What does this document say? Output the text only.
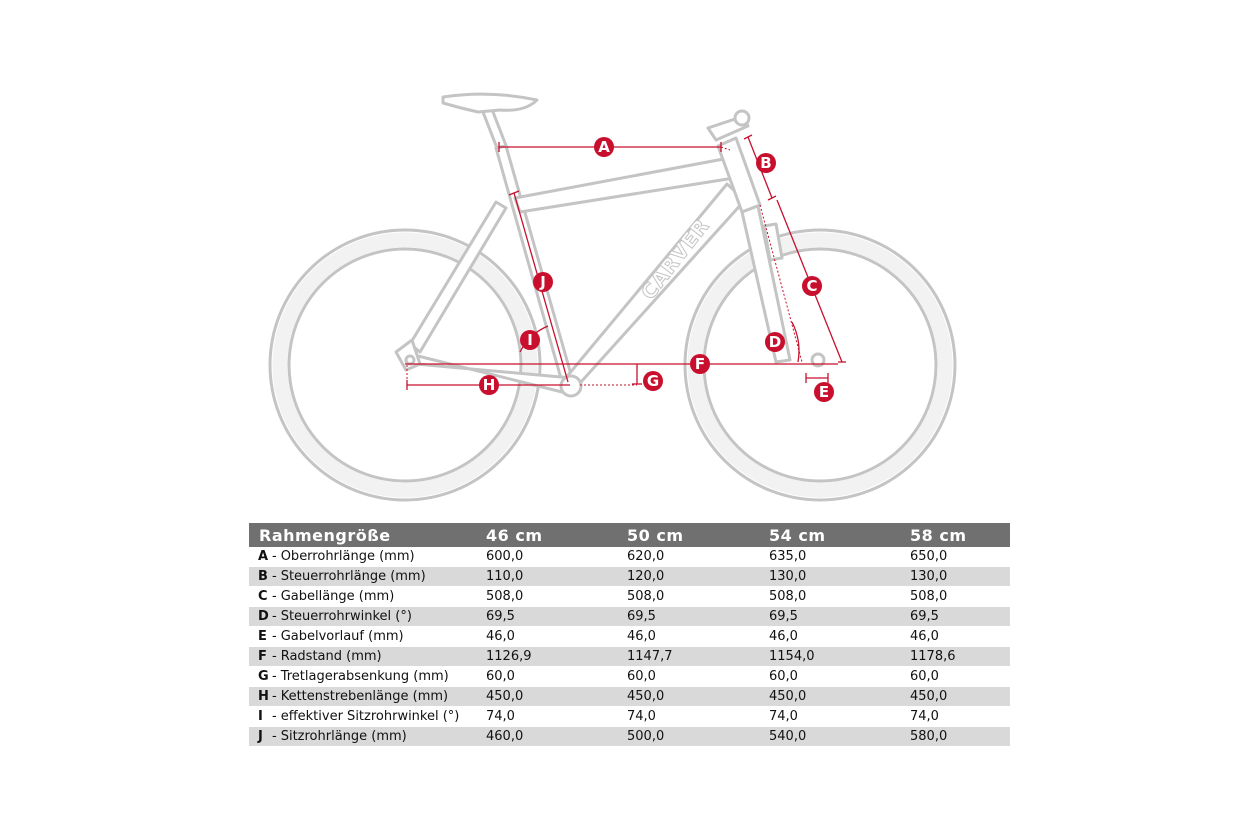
CARVER
A
B
C
D
E
F
G
H
I
J
Rahmengröße	46 cm	50 cm	54 cm	58 cm
A - Oberrohrlänge (mm)	600,0	620,0	635,0	650,0
B - Steuerrohrlänge (mm)	110,0	120,0	130,0	130,0
C - Gabellänge (mm)	508,0	508,0	508,0	508,0
D - Steuerrohrwinkel (°)	69,5	69,5	69,5	69,5
E - Gabelvorlauf (mm)	46,0	46,0	46,0	46,0
F - Radstand (mm)	1126,9	1147,7	1154,0	1178,6
G - Tretlagerabsenkung (mm)	60,0	60,0	60,0	60,0
H - Kettenstrebenlänge (mm)	450,0	450,0	450,0	450,0
I - effektiver Sitzrohrwinkel (°)	74,0	74,0	74,0	74,0
J - Sitzrohrlänge (mm)	460,0	500,0	540,0	580,0
